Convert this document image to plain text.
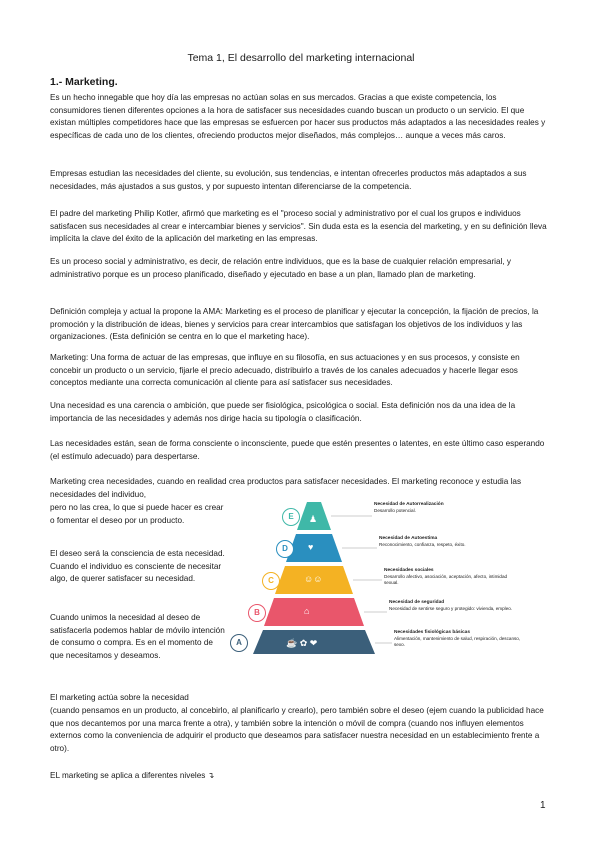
Tema 1, El desarrollo del marketing internacional
1.- Marketing.

Es un hecho innegable que hoy día las empresas no actúan solas en sus mercados. Gracias a que existe competencia, los consumidores tienen diferentes opciones a la hora de satisfacer sus necesidades cuando buscan un producto o un servicio. El que existan múltiples competidores hace que las empresas se esfuercen por hacer sus productos más adaptados a las necesidades reales y específicas de cada uno de los clientes, ofreciendo productos mejor diseñados, más complejos… aunque a veces más caros.

Empresas estudian las necesidades del cliente, su evolución, sus tendencias, e intentan ofrecerles productos más adaptados a sus necesidades, más ajustados a sus gustos, y por supuesto intentan diferenciarse de la competencia.

El padre del marketing Philip Kotler, afirmó que marketing es el "proceso social y administrativo por el cual los grupos e individuos satisfacen sus necesidades al crear e intercambiar bienes y servicios". Sin duda esta es la esencia del marketing, y en su definición lleva implícita la clave del éxito de la aplicación del marketing en las empresas.

Es un proceso social y administrativo, es decir, de relación entre individuos, que es la base de cualquier relación empresarial, y administrativo porque es un proceso planificado, diseñado y ejecutado en base a un plan, llamado plan de marketing.

Definición compleja y actual la propone la AMA: Marketing es el proceso de planificar y ejecutar la concepción, la fijación de precios, la promoción y la distribución de ideas, bienes y servicios para crear intercambios que satisfagan los objetivos de los individuos y las organizaciones. (Esta definición se centra en lo que el marketing hace).

Marketing: Una forma de actuar de las empresas, que influye en su filosofía, en sus actuaciones y en sus procesos, y consiste en concebir un producto o un servicio, fijarle el precio adecuado, distribuirlo a través de los canales adecuados y hacerle llegar esos conceptos mediante una correcta comunicación al cliente para así satisfacer sus necesidades.

Una necesidad es una carencia o ambición, que puede ser fisiológica, psicológica o social. Esta definición nos da una idea de la importancia de las necesidades y además nos dirige hacia su tipología o clasificación.

Las necesidades están, sean de forma consciente o inconsciente, puede que estén presentes o latentes, en este último caso esperando (el estímulo adecuado) para despertarse.

Marketing crea necesidades, cuando en realidad crea productos para satisfacer necesidades. El marketing reconoce y estudia las necesidades del individuo,

pero no las crea, lo que si puede hacer es crear o fomentar el deseo por un producto.

El deseo será la consciencia de esta necesidad. Cuando el individuo es consciente de necesitar algo, de querer satisfacer su necesidad.

Cuando unimos la necesidad al deseo de satisfacerla podemos hablar de móvilo intención de consumo o compra. Es en el momento de que necesitamos y deseamos.

El marketing actúa sobre la necesidad

(cuando pensamos en un producto, al concebirlo, al planificarlo y crearlo), pero también sobre el deseo (ejem cuando la publicidad hace que nos decantemos por una marca frente a otra), y también sobre la intención o móvil de compra (cuando nos influyen elementos externos como la conveniencia de adquirir el producto que deseamos para satisfacer nuestra necesidad en un establecimiento frente a otro).

EL marketing se aplica a diferentes niveles ↴

E
D
C
B
A
♟
♥
☺☺
⌂
☕ ✿ ❤
Necesidad de Autorrealización
Desarrollo potencial.
Necesidad de Autoestima
Reconocimiento, confianza, respeto, éxito.
Necesidades sociales
Desarrollo afectivo, asociación, aceptación, afecto, intimidad sexual.
Necesidad de seguridad
Necesidad de sentirse seguro y protegido: vivienda, empleo.
Necesidades fisiológicas básicas
Alimentación, mantenimiento de salud, respiración, descanso, sexo.
1
